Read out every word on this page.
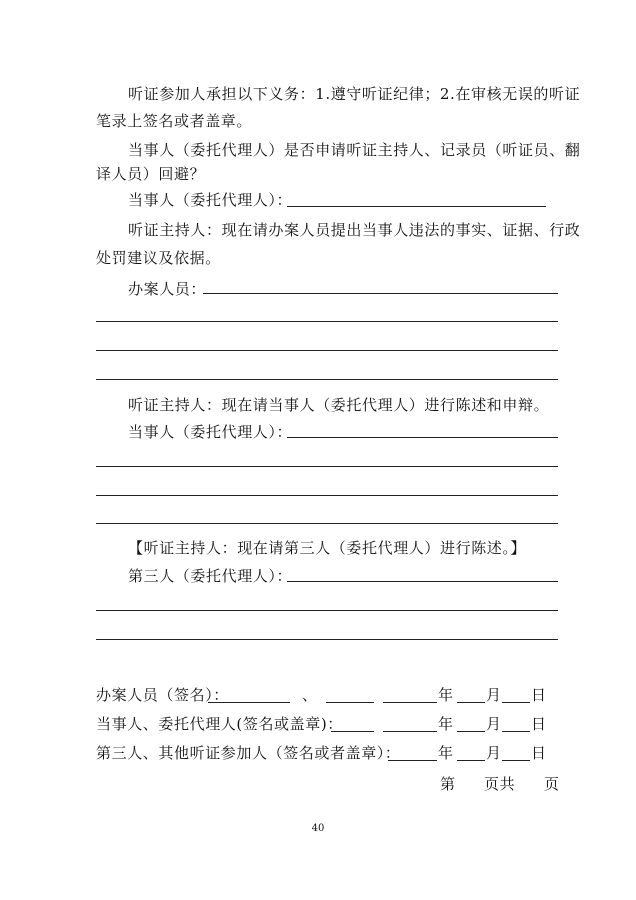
听证参加人承担以下义务：1.遵守听证纪律；2.在审核无误的听证
笔录上签名或者盖章。
当事人（委托代理人）是否申请听证主持人、记录员（听证员、翻
译人员）回避？
当事人（委托代理人）：
听证主持人：现在请办案人员提出当事人违法的事实、证据、行政
处罚建议及依据。
办案人员：
听证主持人：现在请当事人（委托代理人）进行陈述和申辩。
当事人（委托代理人）：
【听证主持人：现在请第三人（委托代理人）进行陈述。】
第三人（委托代理人）：
办案人员（签名）：	、	年 月 日
当事人、委托代理人(签名或盖章)：	年 月 日
第三人、其他听证参加人（签名或者盖章）： 年 月 日
第 页共 页
40
